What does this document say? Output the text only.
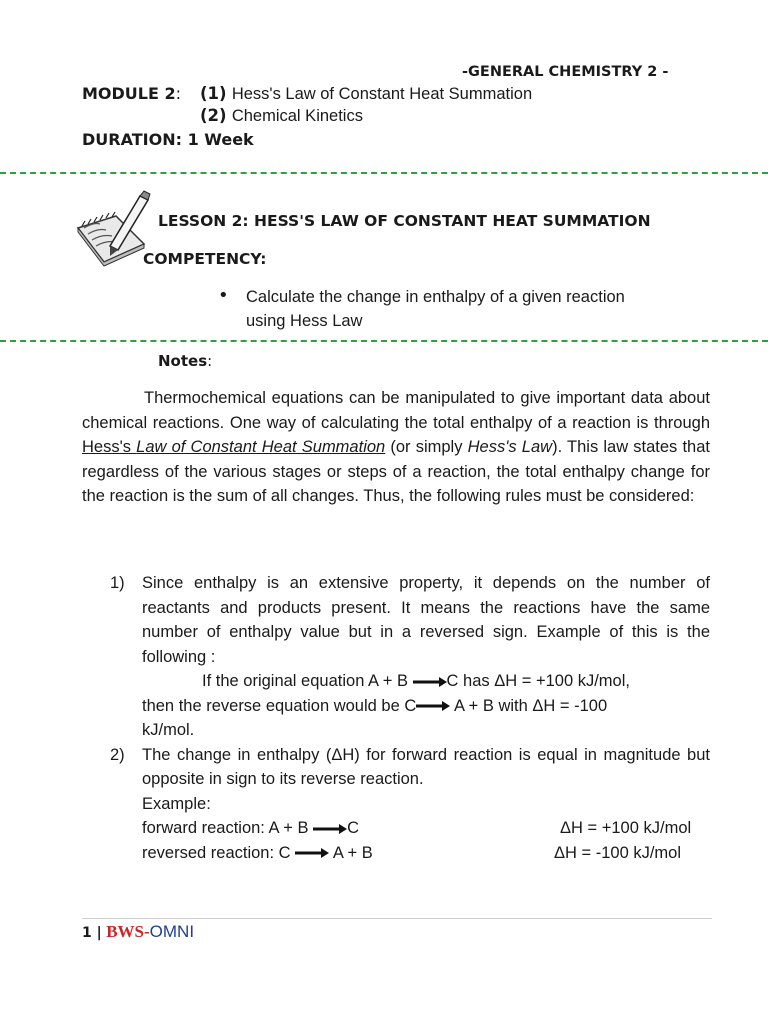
-GENERAL CHEMISTRY 2 -
MODULE 2: (1) Hess's Law of Constant Heat Summation
(2) Chemical Kinetics
DURATION: 1 Week
LESSON 2: HESS'S LAW OF CONSTANT HEAT SUMMATION
COMPETENCY:
• Calculate the change in enthalpy of a given reaction
using Hess Law
Notes:
Thermochemical equations can be manipulated to give important data about chemical reactions. One way of calculating the total enthalpy of a reaction is through Hess's Law of Constant Heat Summation (or simply Hess's Law). This law states that regardless of the various stages or steps of a reaction, the total enthalpy change for the reaction is the sum of all changes. Thus, the following rules must be considered:
1) Since enthalpy is an extensive property, it depends on the number of reactants and products present. It means the reactions have the same number of enthalpy value but in a reversed sign. Example of this is the following :
If the original equation A + B →C has ΔH = +100 kJ/mol,
then the reverse equation would be C→ A + B with ΔH = -100
kJ/mol.
2) The change in enthalpy (ΔH) for forward reaction is equal in magnitude but opposite in sign to its reverse reaction.
Example:
forward reaction: A + B →C	ΔH = +100 kJ/mol
reversed reaction: C → A + B	ΔH = -100 kJ/mol
1 | BWS-OMNI
